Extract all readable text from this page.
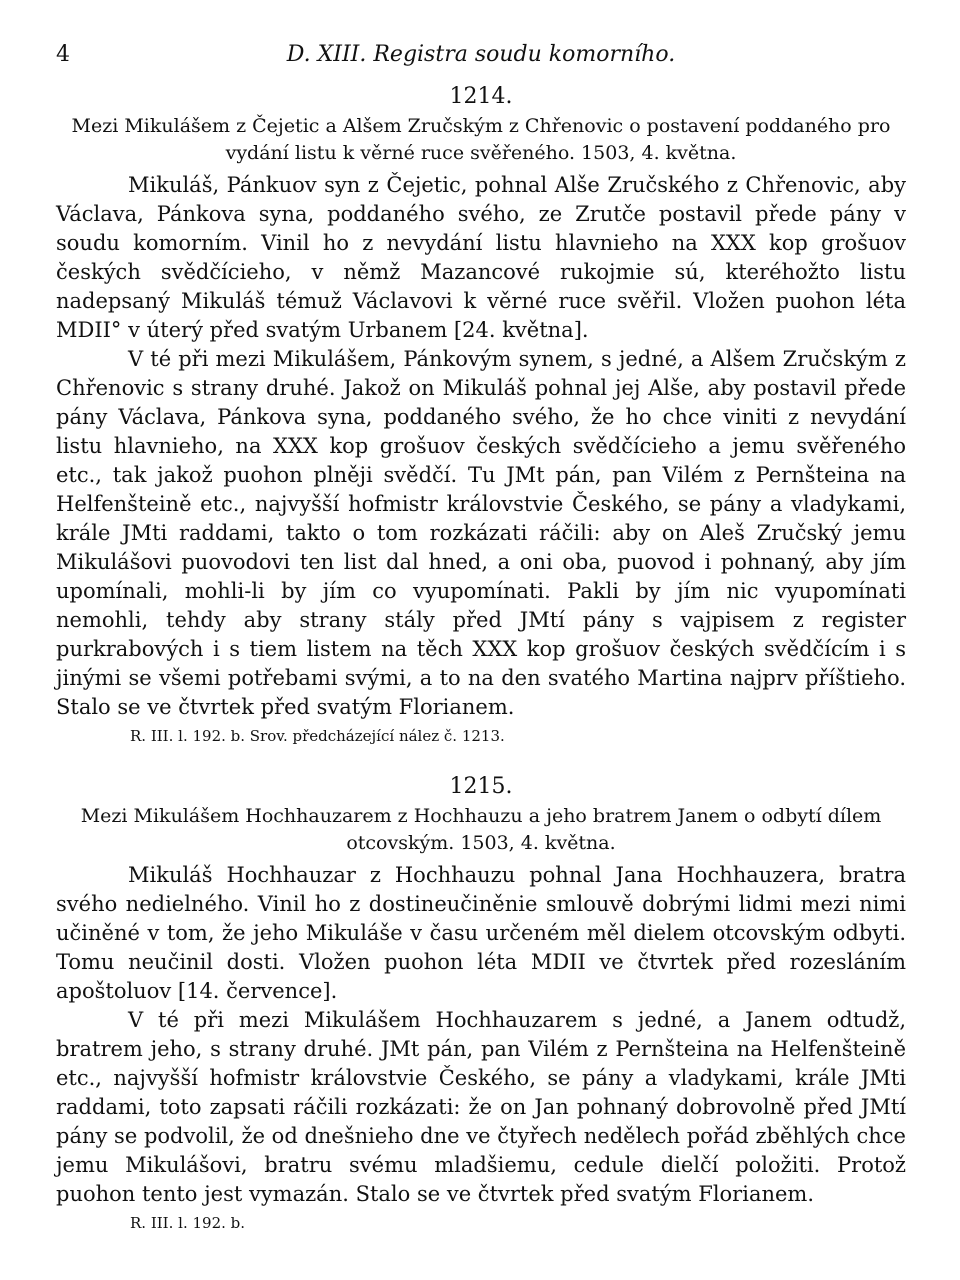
4	D. XIII. Registra soudu komorního.
1214.

Mezi Mikulášem z Čejetic a Alšem Zručským z Chřenovic o postavení poddaného pro vydání listu k věrné ruce svěřeného. 1503, 4. května.

Mikuláš, Pánkuov syn z Čejetic, pohnal Alše Zručského z Chřenovic, aby Václava, Pánkova syna, poddaného svého, ze Zrutče postavil přede pány v soudu komorním. Vinil ho z nevydání listu hlavnieho na XXX kop grošuov českých svědčícieho, v němž Mazancové rukojmie sú, kteréhožto listu nadepsaný Mikuláš témuž Václavovi k věrné ruce svěřil. Vložen puohon léta MDII° v úterý před svatým Urbanem [24. května].

V té při mezi Mikulášem, Pánkovým synem, s jedné, a Alšem Zručským z Chřenovic s strany druhé. Jakož on Mikuláš pohnal jej Alše, aby postavil přede pány Václava, Pánkova syna, poddaného svého, že ho chce viniti z nevydání listu hlavnieho, na XXX kop grošuov českých svědčícieho a jemu svěřeného etc., tak jakož puohon plněji svědčí. Tu JMt pán, pan Vilém z Pernšteina na Helfenšteině etc., najvyšší hofmistr královstvie Českého, se pány a vladykami, krále JMti raddami, takto o tom rozkázati ráčili: aby on Aleš Zručský jemu Mikulášovi puovodovi ten list dal hned, a oni oba, puovod i pohnaný, aby jím upomínali, mohli-li by jím co vyupomínati. Pakli by jím nic vyupomínati nemohli, tehdy aby strany stály před JMtí pány s vajpisem z register purkrabových i s tiem listem na těch XXX kop grošuov českých svědčícím i s jinými se všemi potřebami svými, a to na den svatého Martina najprv příštieho. Stalo se ve čtvrtek před svatým Florianem.

R. III. l. 192. b. Srov. předcházející nález č. 1213.
1215.

Mezi Mikulášem Hochhauzarem z Hochhauzu a jeho bratrem Janem o odbytí dílem otcovským. 1503, 4. května.

Mikuláš Hochhauzar z Hochhauzu pohnal Jana Hochhauzera, bratra svého nedielného. Vinil ho z dostineučiněnie smlouvě dobrými lidmi mezi nimi učiněné v tom, že jeho Mikuláše v času určeném měl dielem otcovským odbyti. Tomu neučinil dosti. Vložen puohon léta MDII ve čtvrtek před rozesláním apoštoluov [14. července].

V té při mezi Mikulášem Hochhauzarem s jedné, a Janem odtudž, bratrem jeho, s strany druhé. JMt pán, pan Vilém z Pernšteina na Helfenšteině etc., najvyšší hofmistr královstvie Českého, se pány a vladykami, krále JMti raddami, toto zapsati ráčili rozkázati: že on Jan pohnaný dobrovolně před JMtí pány se podvolil, že od dnešnieho dne ve čtyřech nedělech pořád zběhlých chce jemu Mikulášovi, bratru svému mladšiemu, cedule dielčí položiti. Protož puohon tento jest vymazán. Stalo se ve čtvrtek před svatým Florianem.

R. III. l. 192. b.
